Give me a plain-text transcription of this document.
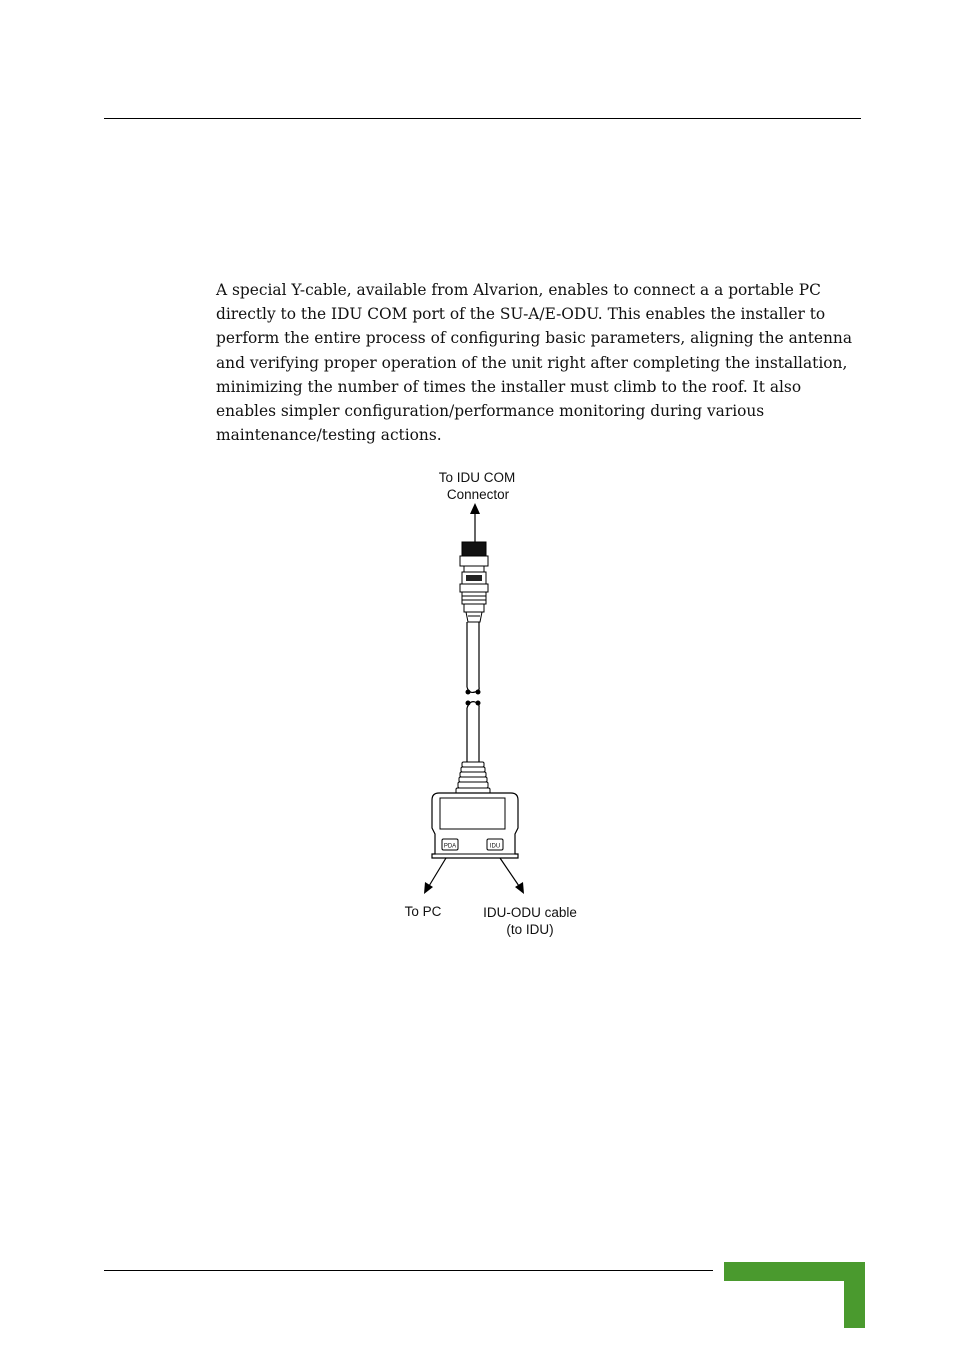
A special Y-cable, available from Alvarion, enables to connect a a portable PC
directly to the IDU COM port of the SU-A/E-ODU. This enables the installer to
perform the entire process of configuring basic parameters, aligning the antenna
and verifying proper operation of the unit right after completing the installation,
minimizing the number of times the installer must climb to the roof. It also
enables simpler configuration/performance monitoring during various
maintenance/testing actions.

To IDU COM
Connector
PDA	IDU
To PC	IDU-ODU cable
(to IDU)
